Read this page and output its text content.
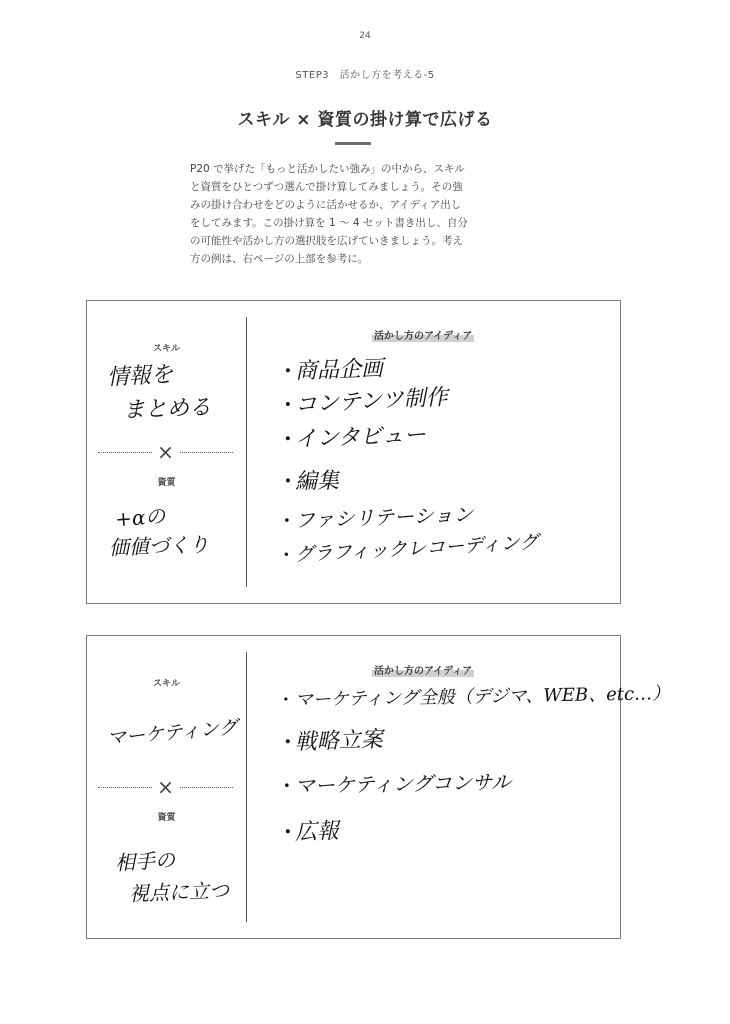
24
STEP3　活かし方を考える-5
スキル × 資質の掛け算で広げる

P20 で挙げた「もっと活かしたい強み」の中から、スキル

と資質をひとつずつ選んで掛け算してみましょう。その強

みの掛け合わせをどのように活かせるか、アイディア出し

をしてみます。この掛け算を 1 ～ 4 セット書き出し、自分

の可能性や活かし方の選択肢を広げていきましょう。考え

方の例は、右ページの上部を参考に。

スキル
情報を
まとめる
×
資質
+αの
価値づくり
活かし方のアイディア
・商品企画
・コンテンツ制作
・インタビュー
・編集
・ファシリテーション
・グラフィックレコーディング
スキル
マーケティング
×
資質
相手の
視点に立つ
活かし方のアイディア
・マーケティング全般（デジマ、WEB、etc…）
・戦略立案
・マーケティングコンサル
・広報
